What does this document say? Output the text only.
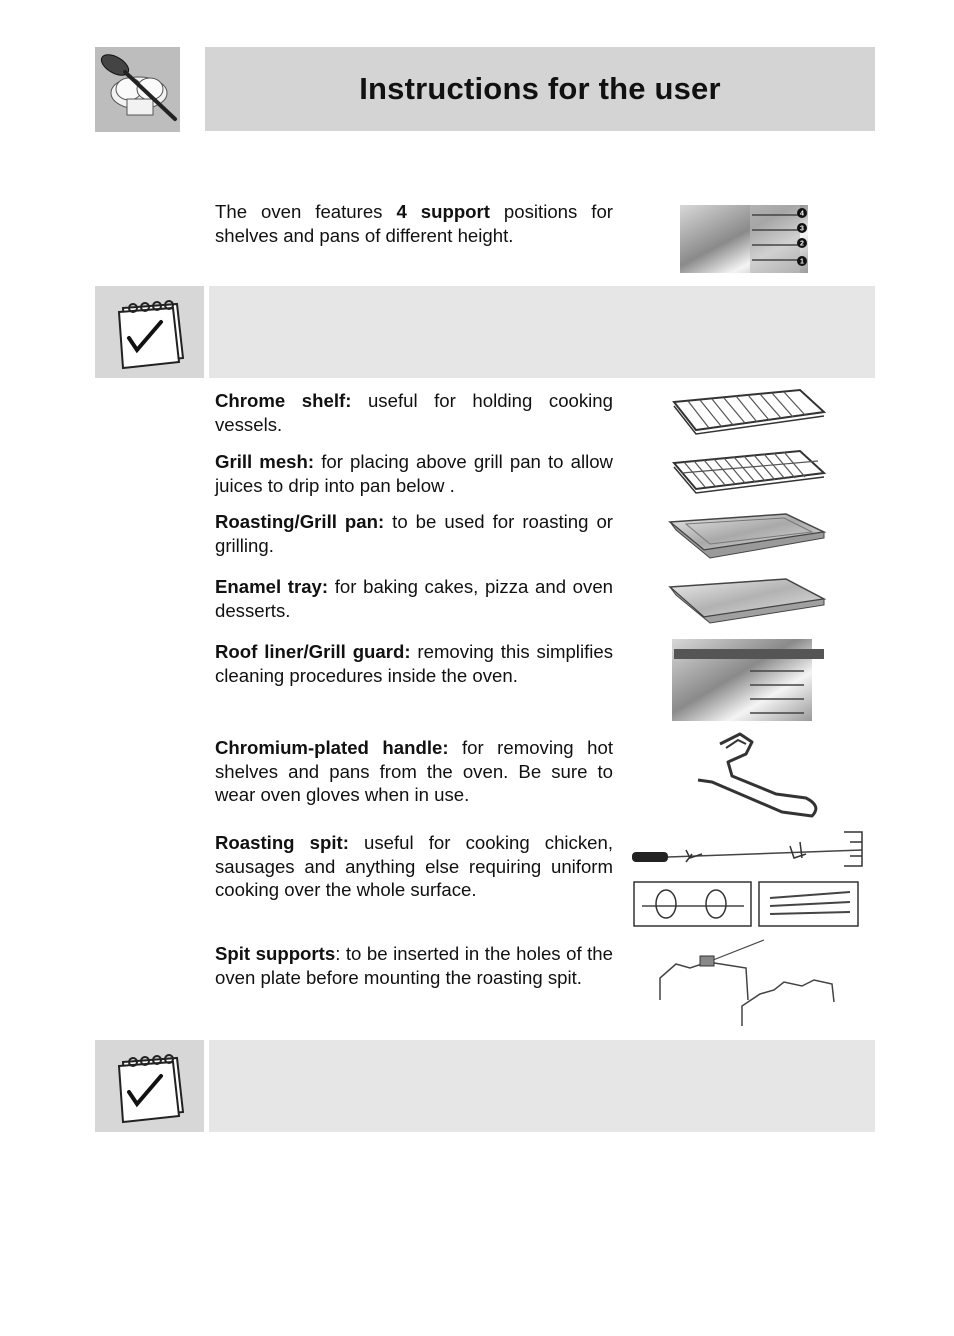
Instructions for the user
The oven features 4 support positions for shelves and pans of different height.
4
3
2
1
Chrome shelf: useful for holding cooking vessels.
Grill mesh: for placing above grill pan to allow juices to drip into pan below .
Roasting/Grill pan: to be used for roasting or grilling.
Enamel tray: for baking cakes, pizza and oven desserts.
Roof liner/Grill guard: removing this simplifies cleaning procedures inside the oven.
Chromium-plated handle: for removing hot shelves and pans from the oven. Be sure to wear oven gloves when in use.
Roasting spit: useful for cooking chicken, sausages and anything else requiring uniform cooking over the whole surface.
Spit supports: to be inserted in the holes of the oven plate before mounting the roasting spit.
